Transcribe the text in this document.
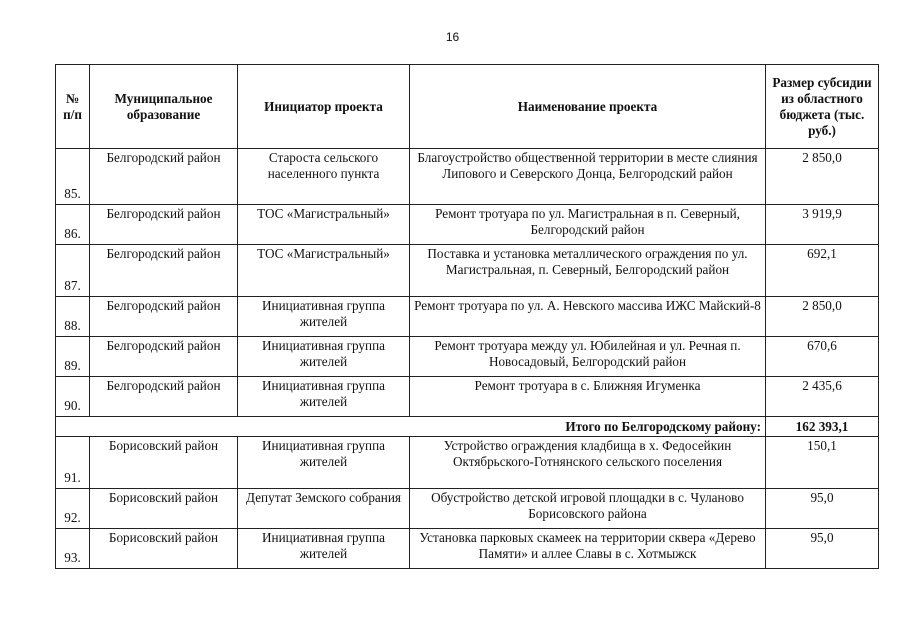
16
№ п/п	Муниципальное образование	Инициатор проекта	Наименование проекта	Размер субсидии из областного бюджета (тыс. руб.)
85.	Белгородский район	Староста сельского населенного пункта	Благоустройство общественной территории в месте слияния Липового и Северского Донца, Белгородский район	2 850,0
86.	Белгородский район	ТОС «Магистральный»	Ремонт тротуара по ул. Магистральная в п. Северный, Белгородский район	3 919,9
87.	Белгородский район	ТОС «Магистральный»	Поставка и установка металлического ограждения по ул. Магистральная, п. Северный, Белгородский район	692,1
88.	Белгородский район	Инициативная группа жителей	Ремонт тротуара по ул. А. Невского массива ИЖС Майский-8	2 850,0
89.	Белгородский район	Инициативная группа жителей	Ремонт тротуара между ул. Юбилейная и ул. Речная п. Новосадовый, Белгородский район	670,6
90.	Белгородский район	Инициативная группа жителей	Ремонт тротуара в с. Ближняя Игуменка	2 435,6
Итого по Белгородскому району:				162 393,1
91.	Борисовский район	Инициативная группа жителей	Устройство ограждения кладбища в х. Федосейкин Октябрьского-Готнянского сельского поселения	150,1
92.	Борисовский район	Депутат Земского собрания	Обустройство детской игровой площадки в с. Чуланово Борисовского района	95,0
93.	Борисовский район	Инициативная группа жителей	Установка парковых скамеек на территории сквера «Дерево Памяти» и аллее Славы в с. Хотмыжск	95,0
